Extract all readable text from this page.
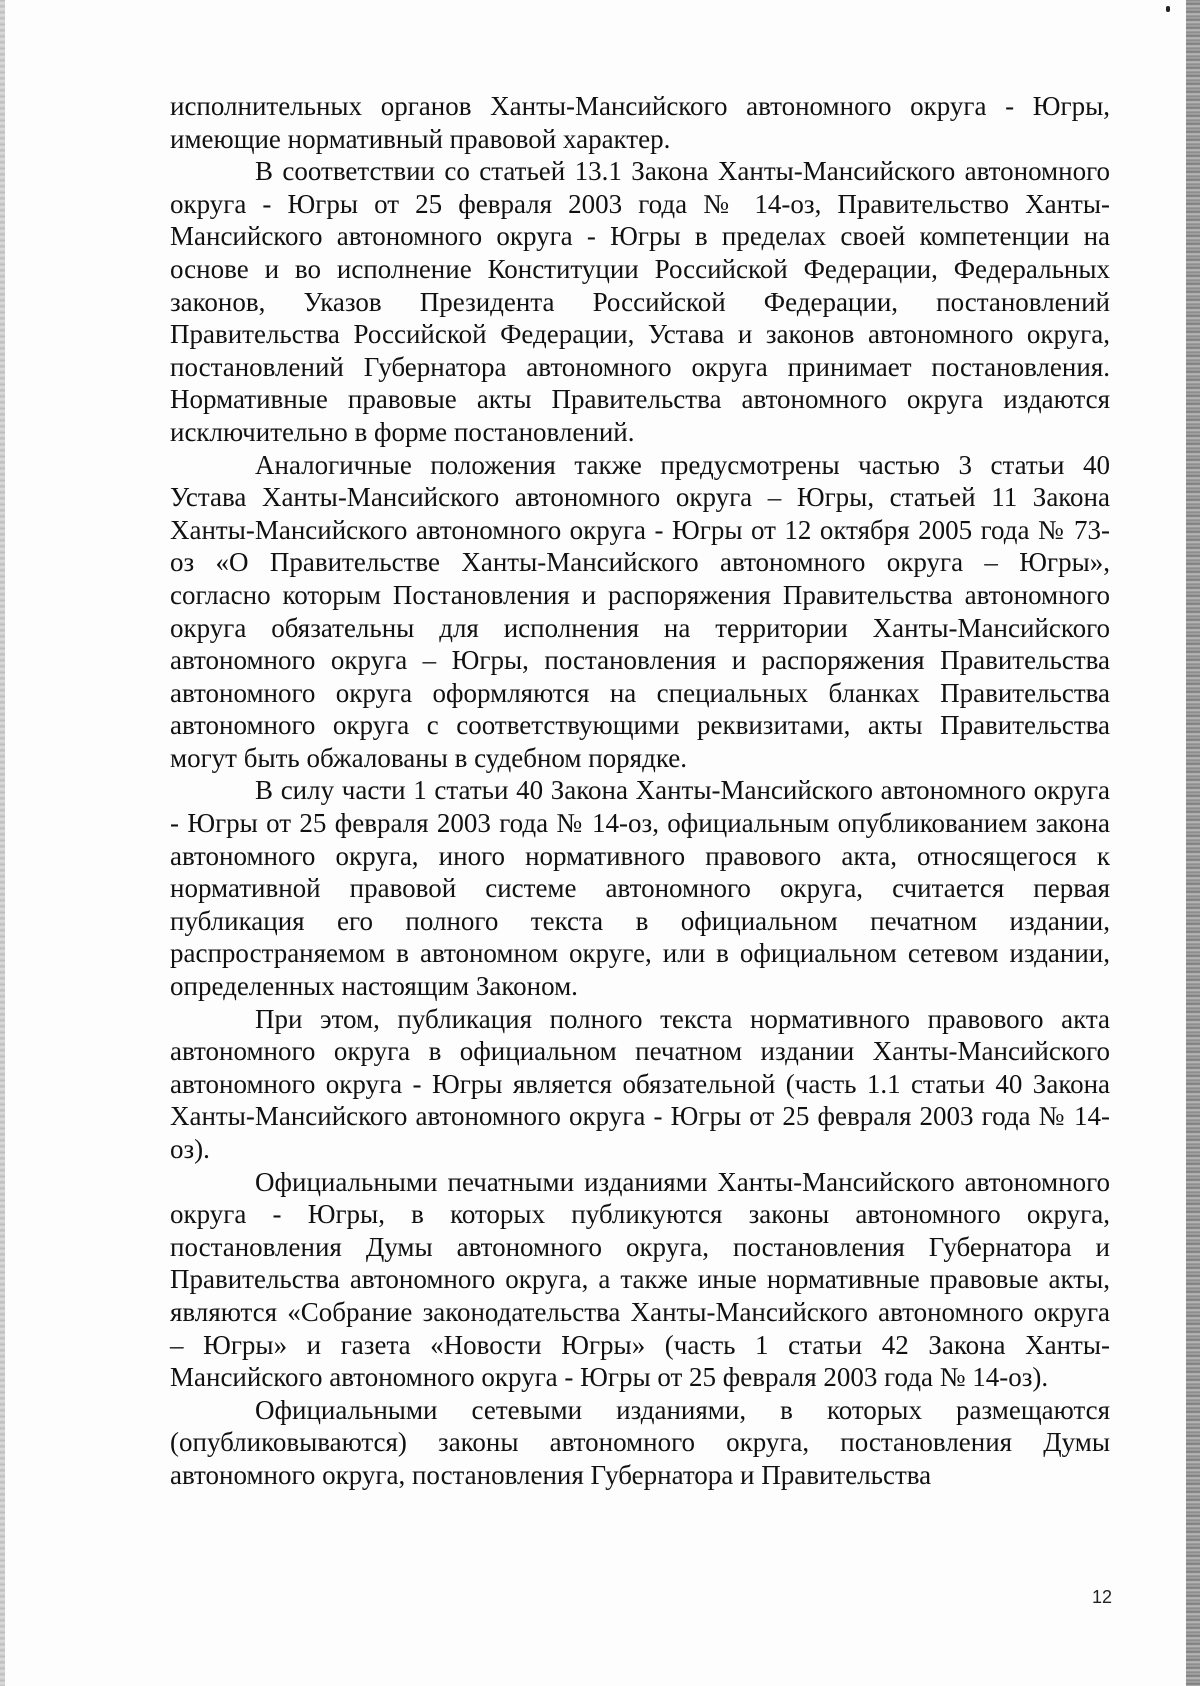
исполнительных органов Ханты-Мансийского автономного округа - Югры, имеющие нормативный правовой характер.

В соответствии со статьей 13.1 Закона Ханты-Мансийского автономного округа - Югры от 25 февраля 2003 года № 14-оз, Правительство Ханты-Мансийского автономного округа - Югры в пределах своей компетенции на основе и во исполнение Конституции Российской Федерации, Федеральных законов, Указов Президента Российской Федерации, постановлений Правительства Российской Федерации, Устава и законов автономного округа, постановлений Губернатора автономного округа принимает постановления. Нормативные правовые акты Правительства автономного округа издаются исключительно в форме постановлений.

Аналогичные положения также предусмотрены частью 3 статьи 40 Устава Ханты-Мансийского автономного округа – Югры, статьей 11 Закона Ханты-Мансийского автономного округа - Югры от 12 октября 2005 года № 73-оз «О Правительстве Ханты-Мансийского автономного округа – Югры», согласно которым Постановления и распоряжения Правительства автономного округа обязательны для исполнения на территории Ханты-Мансийского автономного округа – Югры, постановления и распоряжения Правительства автономного округа оформляются на специальных бланках Правительства автономного округа с соответствующими реквизитами, акты Правительства могут быть обжалованы в судебном порядке.

В силу части 1 статьи 40 Закона Ханты-Мансийского автономного округа - Югры от 25 февраля 2003 года № 14-оз, официальным опубликованием закона автономного округа, иного нормативного правового акта, относящегося к нормативной правовой системе автономного округа, считается первая публикация его полного текста в официальном печатном издании, распространяемом в автономном округе, или в официальном сетевом издании, определенных настоящим Законом.

При этом, публикация полного текста нормативного правового акта автономного округа в официальном печатном издании Ханты-Мансийского автономного округа - Югры является обязательной (часть 1.1 статьи 40 Закона Ханты-Мансийского автономного округа - Югры от 25 февраля 2003 года № 14-оз).

Официальными печатными изданиями Ханты-Мансийского автономного округа - Югры, в которых публикуются законы автономного округа, постановления Думы автономного округа, постановления Губернатора и Правительства автономного округа, а также иные нормативные правовые акты, являются «Собрание законодательства Ханты-Мансийского автономного округа – Югры» и газета «Новости Югры» (часть 1 статьи 42 Закона Ханты-Мансийского автономного округа - Югры от 25 февраля 2003 года № 14-оз).

Официальными сетевыми изданиями, в которых размещаются (опубликовываются) законы автономного округа, постановления Думы автономного округа, постановления Губернатора и Правительства

12
